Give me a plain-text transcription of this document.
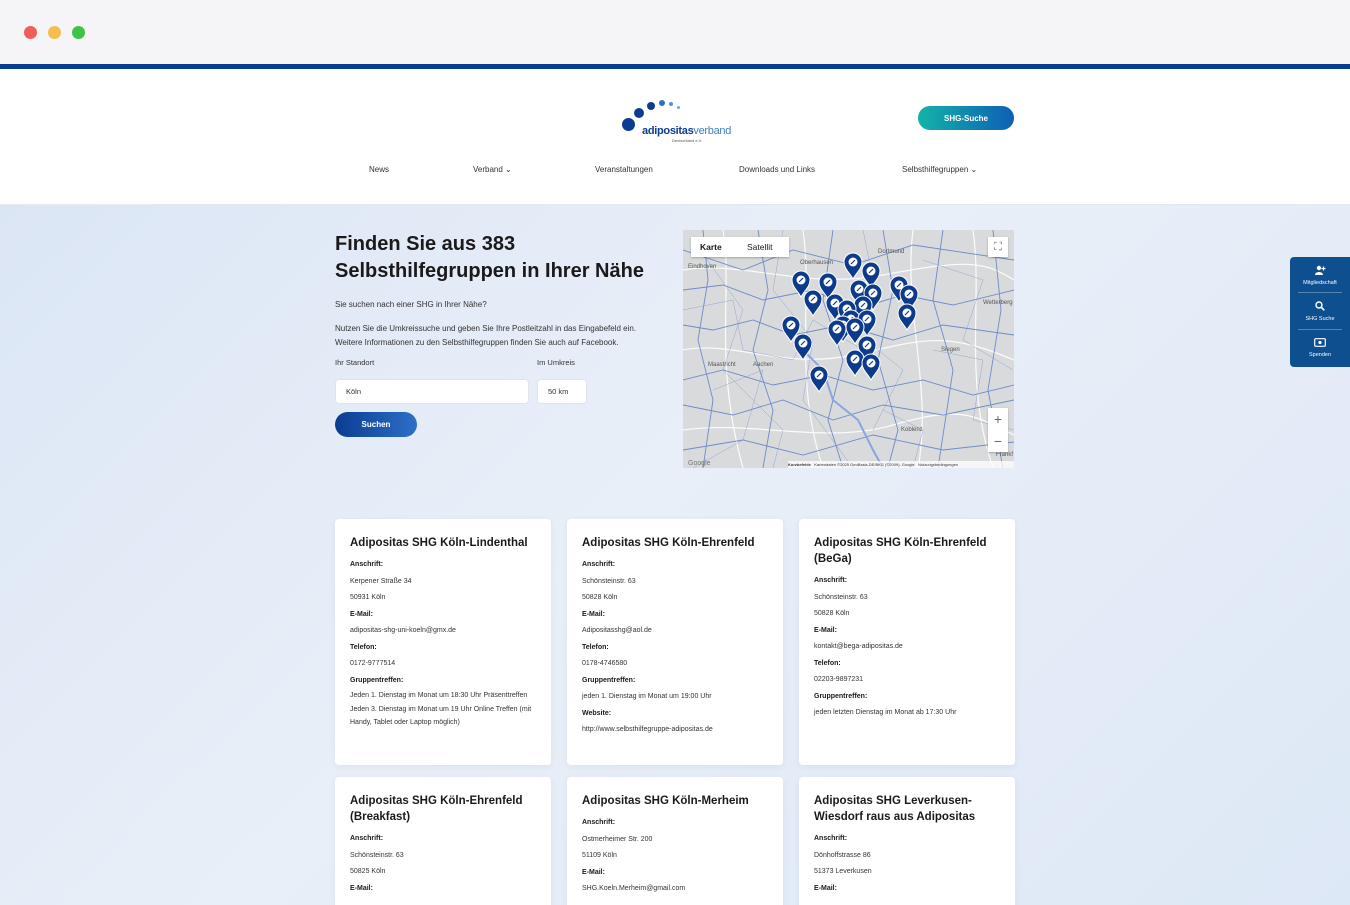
adipositasverband
Deutschland e.V.
SHG-Suche
News	Verband ⌄	Veranstaltungen	Downloads und Links	Selbsthilfegruppen ⌄
Finden Sie aus 383 Selbsthilfegruppen in Ihrer Nähe

Sie suchen nach einer SHG in Ihrer Nähe?

Nutzen Sie die Umkreissuche und geben Sie Ihre Postleitzahl in das Eingabefeld ein. Weitere Informationen zu den Selbsthilfegruppen finden Sie auch auf Facebook.

Ihr Standort	Im Umkreis
Köln	50 km
Suchen
Dortmund
Oberhausen
Eindhoven
Wetterberg
Siegen
Maastricht	Aachen
Koblenz
Frankf
Karte	Satellit	⛶
+
−
Google	Kurzbefehle Kartendaten ©2025 GeoBasis-DE/BKG (©2009), Google Nutzungsbedingungen
Adipositas SHG Köln-Lindenthal
Anschrift:
Kerpener Straße 34
50931 Köln
E-Mail:
adipositas-shg-uni-koeln@gmx.de
Telefon:
0172-9777514
Gruppentreffen:
Jeden 1. Dienstag im Monat um 18:30 Uhr Präsenttreffen
Jeden 3. Dienstag im Monat um 19 Uhr Online Treffen (mit Handy, Tablet oder Laptop möglich)
Adipositas SHG Köln-Ehrenfeld
Anschrift:
Schönsteinstr. 63
50828 Köln
E-Mail:
Adipositasshg@aol.de
Telefon:
0178-4746580
Gruppentreffen:
jeden 1. Dienstag im Monat um 19:00 Uhr
Website:
http://www.selbsthilfegruppe-adipositas.de
Adipositas SHG Köln-Ehrenfeld (BeGa)
Anschrift:
Schönsteinstr. 63
50828 Köln
E-Mail:
kontakt@bega-adipositas.de
Telefon:
02203-9897231
Gruppentreffen:
jeden letzten Dienstag im Monat ab 17:30 Uhr
Adipositas SHG Köln-Ehrenfeld (Breakfast)
Anschrift:
Schönsteinstr. 63
50825 Köln
E-Mail:
Adipositas SHG Köln-Merheim
Anschrift:
Ostmerheimer Str. 200
51109 Köln
E-Mail:
SHG.Koeln.Merheim@gmail.com
Adipositas SHG Leverkusen-Wiesdorf raus aus Adipositas
Anschrift:
Dönhoffstrasse 86
51373 Leverkusen
E-Mail:
Mitgliedschaft
SHG Suche
Spenden
